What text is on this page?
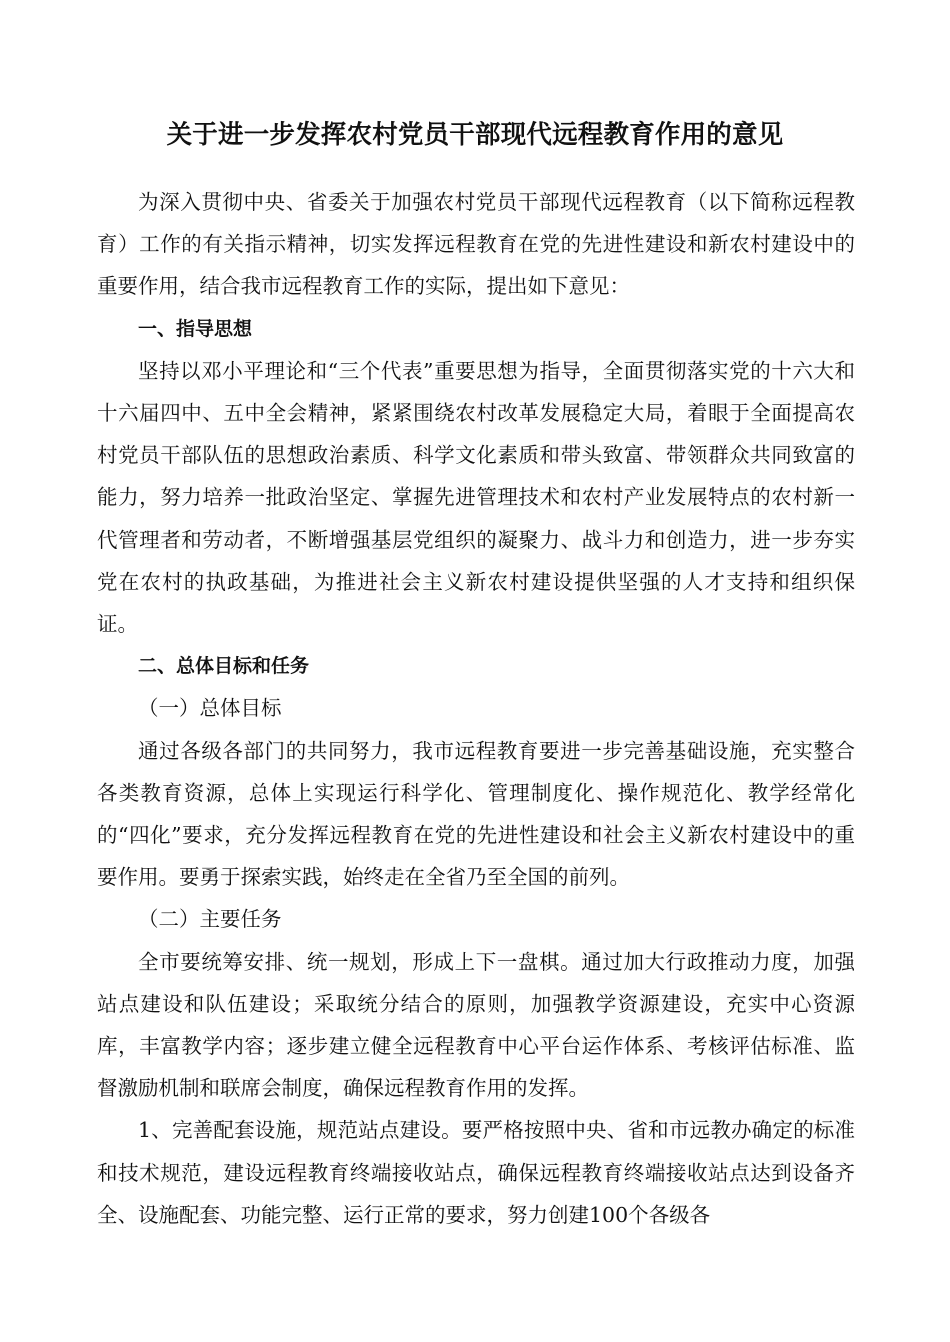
关于进一步发挥农村党员干部现代远程教育作用的意见

为深入贯彻中央、省委关于加强农村党员干部现代远程教育（以下简称远程教育）工作的有关指示精神，切实发挥远程教育在党的先进性建设和新农村建设中的重要作用，结合我市远程教育工作的实际，提出如下意见：

一、指导思想

坚持以邓小平理论和“三个代表”重要思想为指导，全面贯彻落实党的十六大和十六届四中、五中全会精神，紧紧围绕农村改革发展稳定大局，着眼于全面提高农村党员干部队伍的思想政治素质、科学文化素质和带头致富、带领群众共同致富的能力，努力培养一批政治坚定、掌握先进管理技术和农村产业发展特点的农村新一代管理者和劳动者，不断增强基层党组织的凝聚力、战斗力和创造力，进一步夯实党在农村的执政基础，为推进社会主义新农村建设提供坚强的人才支持和组织保证。

二、总体目标和任务

（一）总体目标

通过各级各部门的共同努力，我市远程教育要进一步完善基础设施，充实整合各类教育资源，总体上实现运行科学化、管理制度化、操作规范化、教学经常化的“四化”要求，充分发挥远程教育在党的先进性建设和社会主义新农村建设中的重要作用。要勇于探索实践，始终走在全省乃至全国的前列。

（二）主要任务

全市要统筹安排、统一规划，形成上下一盘棋。通过加大行政推动力度，加强站点建设和队伍建设；采取统分结合的原则，加强教学资源建设，充实中心资源库，丰富教学内容；逐步建立健全远程教育中心平台运作体系、考核评估标准、监督激励机制和联席会制度，确保远程教育作用的发挥。

1、完善配套设施，规范站点建设。要严格按照中央、省和市远教办确定的标准和技术规范，建设远程教育终端接收站点，确保远程教育终端接收站点达到设备齐全、设施配套、功能完整、运行正常的要求，努力创建100个各级各
